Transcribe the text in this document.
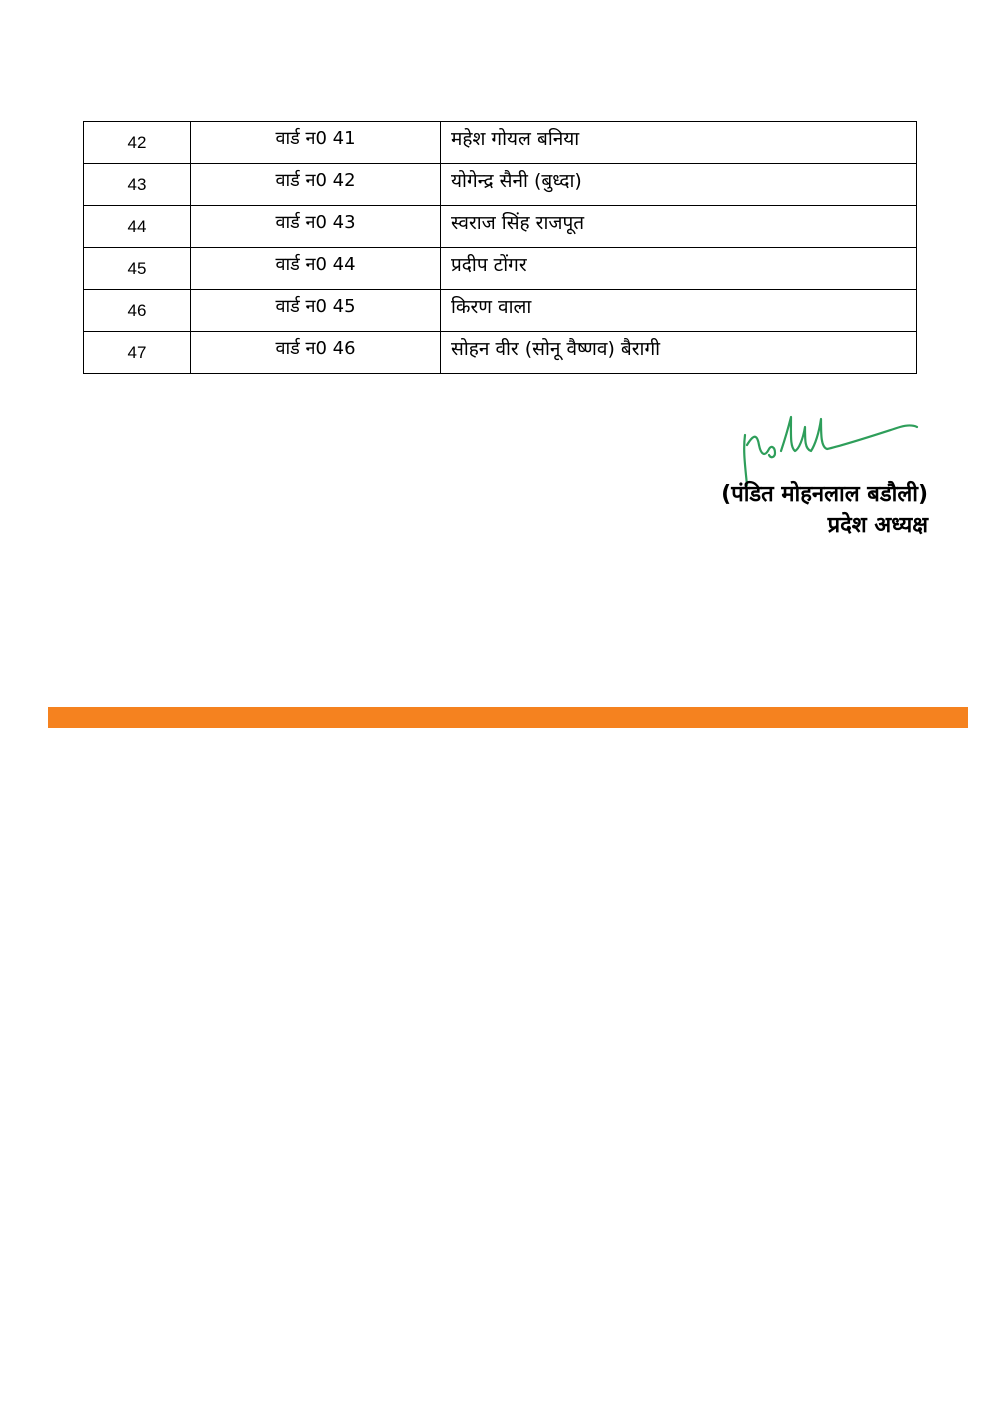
42	वार्ड न0 41	महेश गोयल बनिया
43	वार्ड न0 42	योगेन्द्र सैनी (बुध्दा)
44	वार्ड न0 43	स्वराज सिंह राजपूत
45	वार्ड न0 44	प्रदीप टोंगर
46	वार्ड न0 45	किरण वाला
47	वार्ड न0 46	सोहन वीर (सोनू वैष्णव) बैरागी
(पंडित मोहनलाल बडौली)
प्रदेश अध्यक्ष
